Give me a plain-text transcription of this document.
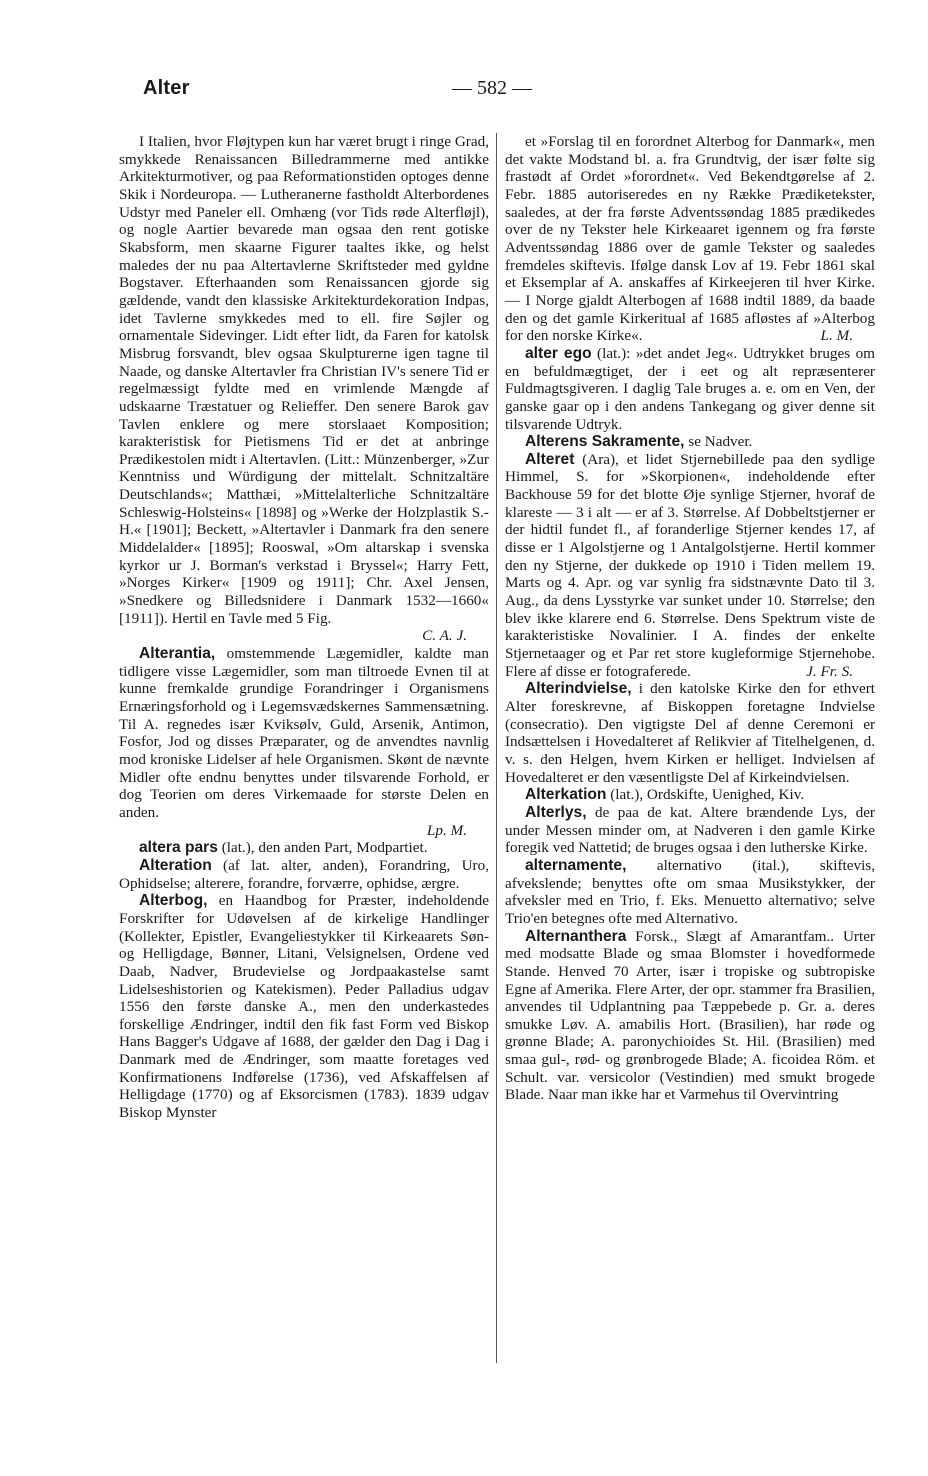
Alter	— 582 —

I Italien, hvor Fløjtypen kun har været brugt i ringe Grad, smykkede Renaissancen Billedrammerne med antikke Arkitekturmotiver, og paa Reformationstiden optoges denne Skik i Nordeuropa. — Lutheranerne fastholdt Alterbordenes Udstyr med Paneler ell. Omhæng (vor Tids røde Alterfløjl), og nogle Aartier bevarede man ogsaa den rent gotiske Skabsform, men skaarne Figurer taaltes ikke, og helst maledes der nu paa Altertavlerne Skriftsteder med gyldne Bogstaver. Efterhaanden som Renaissancen gjorde sig gældende, vandt den klassiske Arkitekturdekoration Indpas, idet Tavlerne smykkedes med to ell. fire Søjler og ornamentale Sidevinger. Lidt efter lidt, da Faren for katolsk Misbrug forsvandt, blev ogsaa Skulpturerne igen tagne til Naade, og danske Altertavler fra Christian IV's senere Tid er regelmæssigt fyldte med en vrimlende Mængde af udskaarne Træstatuer og Relieffer. Den senere Barok gav Tavlen enklere og mere storslaaet Komposition; karakteristisk for Pietismens Tid er det at anbringe Prædikestolen midt i Altertavlen. (Litt.: Münzenberger, »Zur Kenntniss und Würdigung der mittelalt. Schnitzaltäre Deutschlands«; Matthæi, »Mittelalterliche Schnitzaltäre Schleswig-Holsteins« [1898] og »Werke der Holzplastik S.-H.« [1901]; Beckett, »Altertavler i Danmark fra den senere Middelalder« [1895]; Rooswal, »Om altarskap i svenska kyrkor ur J. Borman's verkstad i Bryssel«; Harry Fett, »Norges Kirker« [1909 og 1911]; Chr. Axel Jensen, »Snedkere og Billedsnidere i Danmark 1532—1660« [1911]). Hertil en Tavle med 5 Fig.

C. A. J.

Alterantia, omstemmende Lægemidler, kaldte man tidligere visse Lægemidler, som man tiltroede Evnen til at kunne fremkalde grundige Forandringer i Organismens Ernæringsforhold og i Legemsvædskernes Sammensætning. Til A. regnedes især Kviksølv, Guld, Arsenik, Antimon, Fosfor, Jod og disses Præparater, og de anvendtes navnlig mod kroniske Lidelser af hele Organismen. Skønt de nævnte Midler ofte endnu benyttes under tilsvarende Forhold, er dog Teorien om deres Virkemaade for største Delen en anden.

Lp. M.

altera pars (lat.), den anden Part, Modpartiet.

Alteration (af lat. alter, anden), Forandring, Uro, Ophidselse; alterere, forandre, forværre, ophidse, ærgre.

Alterbog, en Haandbog for Præster, indeholdende Forskrifter for Udøvelsen af de kirkelige Handlinger (Kollekter, Epistler, Evangeliestykker til Kirkeaarets Søn- og Helligdage, Bønner, Litani, Velsignelsen, Ordene ved Daab, Nadver, Brudevielse og Jordpaakastelse samt Lidelseshistorien og Katekismen). Peder Palladius udgav 1556 den første danske A., men den underkastedes forskellige Ændringer, indtil den fik fast Form ved Biskop Hans Bagger's Udgave af 1688, der gælder den Dag i Dag i Danmark med de Ændringer, som maatte foretages ved Konfirmationens Indførelse (1736), ved Afskaffelsen af Helligdage (1770) og af Eksorcismen (1783). 1839 udgav Biskop Mynster

et »Forslag til en forordnet Alterbog for Danmark«, men det vakte Modstand bl. a. fra Grundtvig, der især følte sig frastødt af Ordet »forordnet«. Ved Bekendtgørelse af 2. Febr. 1885 autoriseredes en ny Række Prædiketekster, saaledes, at der fra første Adventssøndag 1885 prædikedes over de ny Tekster hele Kirkeaaret igennem og fra første Adventssøndag 1886 over de gamle Tekster og saaledes fremdeles skiftevis. Ifølge dansk Lov af 19. Febr 1861 skal et Eksemplar af A. anskaffes af Kirkeejeren til hver Kirke. — I Norge gjaldt Alterbogen af 1688 indtil 1889, da baade den og det gamle Kirkeritual af 1685 afløstes af »Alterbog for den norske Kirke«.	L. M.

alter ego (lat.): »det andet Jeg«. Udtrykket bruges om en befuldmægtiget, der i eet og alt repræsenterer Fuldmagtsgiveren. I daglig Tale bruges a. e. om en Ven, der ganske gaar op i den andens Tankegang og giver denne sit tilsvarende Udtryk.

Alterens Sakramente, se Nadver.

Alteret (Ara), et lidet Stjernebillede paa den sydlige Himmel, S. for »Skorpionen«, indeholdende efter Backhouse 59 for det blotte Øje synlige Stjerner, hvoraf de klareste — 3 i alt — er af 3. Størrelse. Af Dobbeltstjerner er der hidtil fundet fl., af foranderlige Stjerner kendes 17, af disse er 1 Algolstjerne og 1 Antalgolstjerne. Hertil kommer den ny Stjerne, der dukkede op 1910 i Tiden mellem 19. Marts og 4. Apr. og var synlig fra sidstnævnte Dato til 3. Aug., da dens Lysstyrke var sunket under 10. Størrelse; den blev ikke klarere end 6. Størrelse. Dens Spektrum viste de karakteristiske Novalinier. I A. findes der enkelte Stjernetaager og et Par ret store kugleformige Stjernehobe. Flere af disse er fotograferede.	J. Fr. S.

Alterindvielse, i den katolske Kirke den for ethvert Alter foreskrevne, af Biskoppen foretagne Indvielse (consecratio). Den vigtigste Del af denne Ceremoni er Indsættelsen i Hovedalteret af Relikvier af Titelhelgenen, d. v. s. den Helgen, hvem Kirken er helliget. Indvielsen af Hovedalteret er den væsentligste Del af Kirkeindvielsen.

Alterkation (lat.), Ordskifte, Uenighed, Kiv.

Alterlys, de paa de kat. Altere brændende Lys, der under Messen minder om, at Nadveren i den gamle Kirke foregik ved Nattetid; de bruges ogsaa i den lutherske Kirke.

alternamente, alternativo (ital.), skiftevis, afvekslende; benyttes ofte om smaa Musikstykker, der afveksler med en Trio, f. Eks. Menuetto alternativo; selve Trio'en betegnes ofte med Alternativo.

Alternanthera Forsk., Slægt af Amarantfam.. Urter med modsatte Blade og smaa Blomster i hovedformede Stande. Henved 70 Arter, især i tropiske og subtropiske Egne af Amerika. Flere Arter, der opr. stammer fra Brasilien, anvendes til Udplantning paa Tæppebede p. Gr. a. deres smukke Løv. A. amabilis Hort. (Brasilien), har røde og grønne Blade; A. paronychioides St. Hil. (Brasilien) med smaa gul-, rød- og grønbrogede Blade; A. ficoidea Röm. et Schult. var. versicolor (Vestindien) med smukt brogede Blade. Naar man ikke har et Varmehus til Overvintring
